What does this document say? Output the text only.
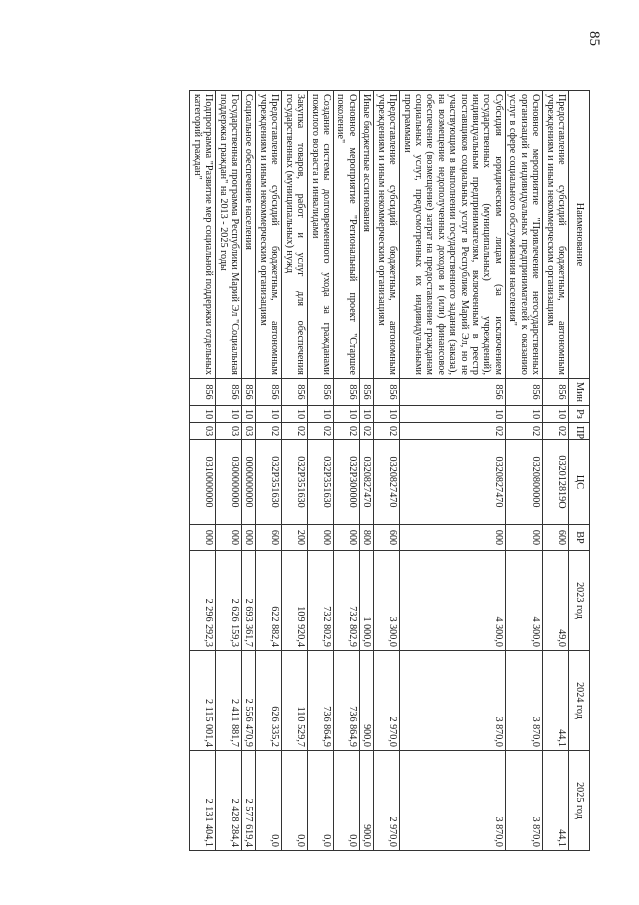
85
Наименование	Мин	Рз	ПР	ЦС	ВР	2023 год	2024 год	2025 год
Предоставление субсидий бюджетным, автономным учреждениям и иным некоммерческим организациям	856	10	02	032012819О	600	49,0	44,1	44,1
Основное мероприятие "Привлечение негосударственных организаций и индивидуальных предпринимателей к оказанию услуг в сфере социального обслуживания населения"	856	10	02	0320800000	000	4 300,0	3 870,0	3 870,0
Субсидия юридическим лицам (за исключением государственных (муниципальных) учреждений), индивидуальным предпринимателям, включенным в реестр поставщиков социальных услуг в Республике Марий Эл, но не участвующим в выполнении государственного задания (заказа), на возмещение недополученных доходов и (или) финансовое обеспечение (возмещение) затрат на предоставление гражданам социальных услут, предусмотренных их индивидуальными программами	856	10	02	0320827470	000	4 300,0	3 870,0	3 870,0
Предоставление субсидий бюджетным, автономным учреждениям и иным некоммерческим организациям	856	10	02	0320827470	600	3 300,0	2 970,0	2 970,0
Иные бюджетные ассигнования	856	10	02	0320827470	800	1 000,0	900,0	900,0
Основное мероприятие "Региональный проект "Старшее поколение"	856	10	02	032P300000	000	732 802,9	736 864,9	0,0
Создание системы долговременного ухода за гражданами пожилого возраста и инвалидами	856	10	02	032P351630	000	732 802,9	736 864,9	0,0
Закупка товаров, работ и услуг для обеспечения государственных (муниципальных) нужд	856	10	02	032P351630	200	109 920,4	110 529,7	0,0
Предоставление субсидий бюджетным, автономным учреждениям и иным некоммерческим организациям	856	10	02	032P351630	600	622 882,4	626 335,2	0,0
Социальное обеспечение населения	856	10	03	0000000000	000	2 693 361,7	2 556 470,9	2 577 619,4
Государственная программа Республики Марий Эл "Социальная поддержка граждан" на 2013 - 2025 годы	856	10	03	0300000000	000	2 626 159,3	2 411 881,7	2 428 284,4
Подпрограмма "Развитие мер социальной поддержки отдельных категорий граждан"	856	10	03	0310000000	000	2 296 292,3	2 115 001,4	2 131 404,1
